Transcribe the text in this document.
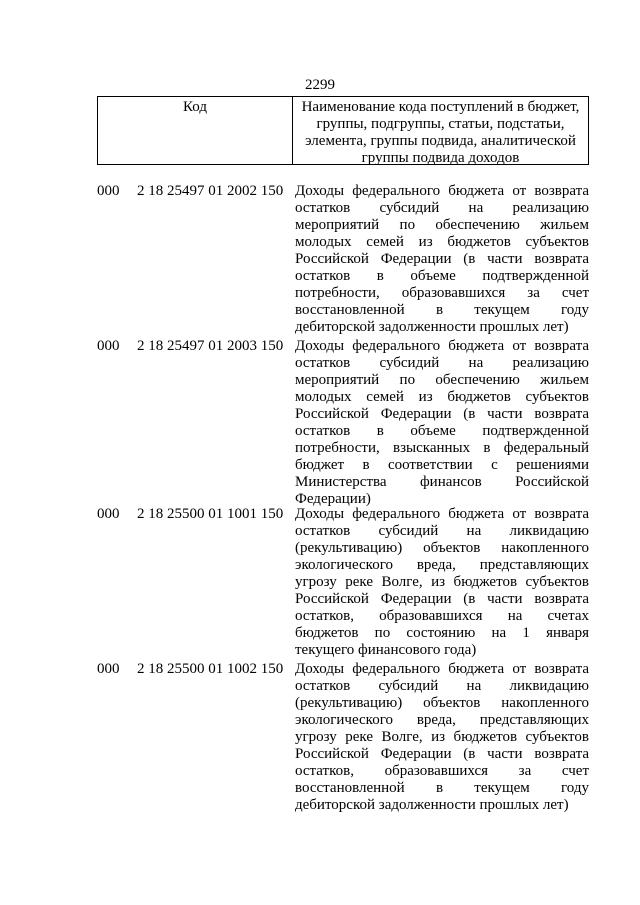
2299
Код	Наименование кода поступлений в бюджет, группы, подгруппы, статьи, подстатьи, элемента, группы подвида, аналитической группы подвида доходов
000	2 18 25497 01 2002 150 Доходы федерального бюджета от возврата остатков субсидий на реализацию мероприятий по обеспечению жильем молодых семей из бюджетов субъектов Российской Федерации (в части возврата остатков в объеме подтвержденной потребности, образовавшихся за счет восстановленной в текущем году дебиторской задолженности прошлых лет)
000	2 18 25497 01 2003 150 Доходы федерального бюджета от возврата остатков субсидий на реализацию мероприятий по обеспечению жильем молодых семей из бюджетов субъектов Российской Федерации (в части возврата остатков в объеме подтвержденной потребности, взысканных в федеральный бюджет в соответствии с решениями Министерства финансов Российской Федерации)
000	2 18 25500 01 1001 150 Доходы федерального бюджета от возврата остатков субсидий на ликвидацию (рекультивацию) объектов накопленного экологического вреда, представляющих угрозу реке Волге, из бюджетов субъектов Российской Федерации (в части возврата остатков, образовавшихся на счетах бюджетов по состоянию на 1 января текущего финансового года)
000	2 18 25500 01 1002 150 Доходы федерального бюджета от возврата остатков субсидий на ликвидацию (рекультивацию) объектов накопленного экологического вреда, представляющих угрозу реке Волге, из бюджетов субъектов Российской Федерации (в части возврата остатков, образовавшихся за счет восстановленной в текущем году дебиторской задолженности прошлых лет)
